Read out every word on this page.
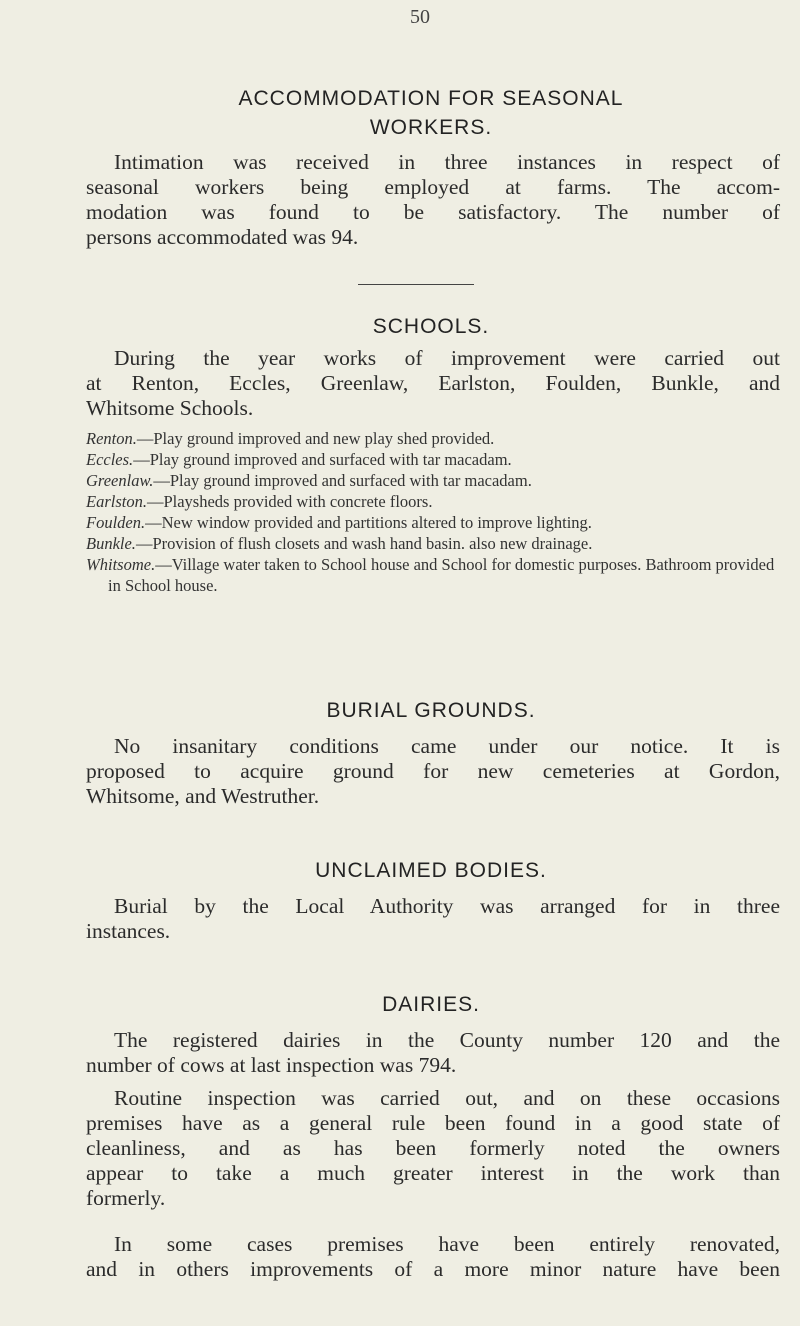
50
ACCOMMODATION FOR SEASONAL
WORKERS.
Intimation was received in three instances in respect of
seasonal workers being employed at farms. The accom-
modation was found to be satisfactory. The number of
persons accommodated was 94.
SCHOOLS.
During the year works of improvement were carried out
at Renton, Eccles, Greenlaw, Earlston, Foulden, Bunkle, and
Whitsome Schools.

Renton.—Play ground improved and new play shed provided.

Eccles.—Play ground improved and surfaced with tar macadam.

Greenlaw.—Play ground improved and surfaced with tar macadam.

Earlston.—Playsheds provided with concrete floors.

Foulden.—New window provided and partitions altered to improve lighting.

Bunkle.—Provision of flush closets and wash hand basin. also new drainage.

Whitsome.—Village water taken to School house and School for domestic purposes. Bathroom provided in School house.

BURIAL GROUNDS.
No insanitary conditions came under our notice. It is
proposed to acquire ground for new cemeteries at Gordon,
Whitsome, and Westruther.
UNCLAIMED BODIES.
Burial by the Local Authority was arranged for in three
instances.
DAIRIES.
The registered dairies in the County number 120 and the
number of cows at last inspection was 794.
Routine inspection was carried out, and on these occasions
premises have as a general rule been found in a good state of
cleanliness, and as has been formerly noted the owners
appear to take a much greater interest in the work than
formerly.
In some cases premises have been entirely renovated,
and in others improvements of a more minor nature have been
